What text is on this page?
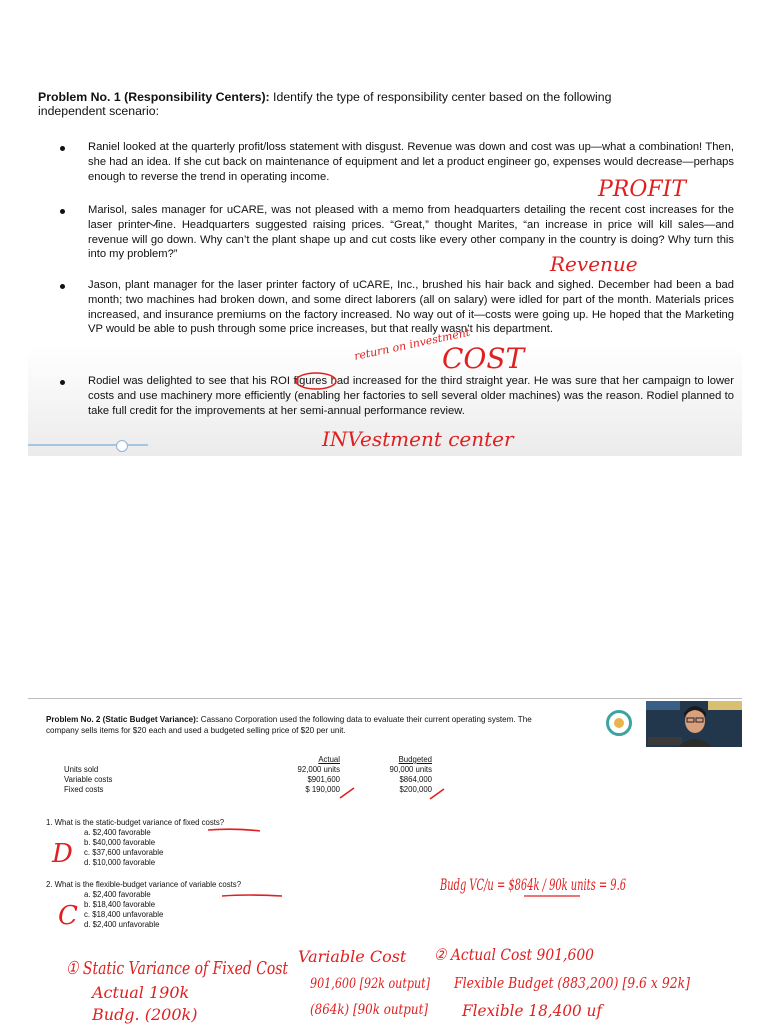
Problem No. 1 (Responsibility Centers): Identify the type of responsibility center based on the following independent scenario:
Raniel looked at the quarterly profit/loss statement with disgust. Revenue was down and cost was up—what a combination! Then, she had an idea. If she cut back on maintenance of equipment and let a product engineer go, expenses would decrease—perhaps enough to reverse the trend in operating income.
Marisol, sales manager for uCARE, was not pleased with a memo from headquarters detailing the recent cost increases for the laser printer line. Headquarters suggested raising prices. “Great,” thought Marites, “an increase in price will kill sales—and revenue will go down. Why can’t the plant shape up and cut costs like every other company in the country is doing? Why turn this into my problem?”
Jason, plant manager for the laser printer factory of uCARE, Inc., brushed his hair back and sighed. December had been a bad month; two machines had broken down, and some direct laborers (all on salary) were idled for part of the month. Materials prices increased, and insurance premiums on the factory increased. No way out of it—costs were going up. He hoped that the Marketing VP would be able to push through some price increases, but that really wasn’t his department.
Rodiel was delighted to see that his ROI figures had increased for the third straight year. He was sure that her campaign to lower costs and use machinery more efficiently (enabling her factories to sell several older machines) was the reason. Rodiel planned to take full credit for the improvements at her semi-annual performance review.
Problem No. 2 (Static Budget Variance): Cassano Corporation used the following data to evaluate their current operating system. The company sells items for $20 each and used a budgeted selling price of $20 per unit.
Actual	Budgeted
Units sold	92,000 units	90,000 units
Variable costs	$901,600	$864,000
Fixed costs	$ 190,000	$200,000
1. What is the static-budget variance of fixed costs?
a. $2,400 favorable
b. $40,000 favorable
c. $37,600 unfavorable
d. $10,000 favorable
2. What is the flexible-budget variance of variable costs?
a. $2,400 favorable
b. $18,400 favorable
c. $18,400 unfavorable
d. $2,400 unfavorable
PROFIT
Revenue
return on investment
COST
INVestment center
D
C
Budg VC/u = $864k / 90k units = 9.6
① Static Variance of Fixed Cost
Actual 190k
Budg. (200k)
Variable Cost
901,600 [92k output]
(864k) [90k output]
② Actual Cost 901,600
Flexible Budget (883,200) [9.6 x 92k]
Flexible 18,400 uf
